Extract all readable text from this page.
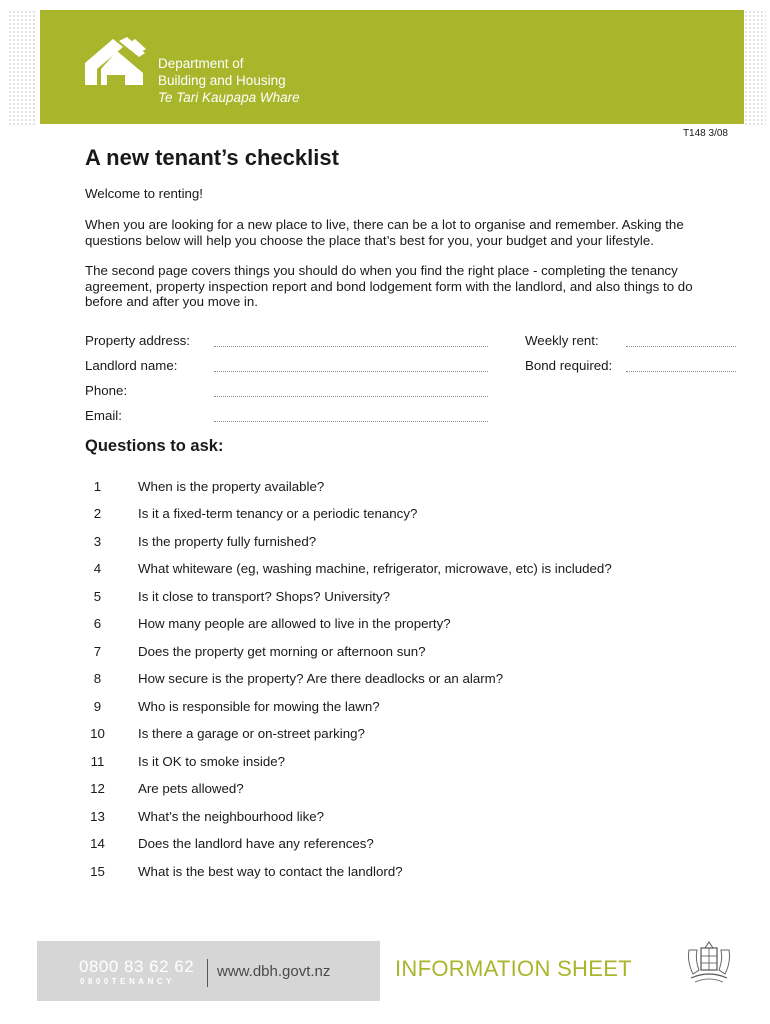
Department of
Building and Housing
Te Tari Kaupapa Whare
T148 3/08
A new tenant’s checklist

Welcome to renting!

When you are looking for a new place to live, there can be a lot to organise and remember. Asking the questions below will help you choose the place that’s best for you, your budget and your lifestyle.

The second page covers things you should do when you find the right place - completing the tenancy agreement, property inspection report and bond lodgement form with the landlord, and also things to do before and after you move in.

Property address:	Weekly rent:
Landlord name:	Bond required:
Phone:
Email:
Questions to ask:
1	When is the property available?
2	Is it a fixed-term tenancy or a periodic tenancy?
3	Is the property fully furnished?
4	What whiteware (eg, washing machine, refrigerator, microwave, etc) is included?
5	Is it close to transport? Shops? University?
6	How many people are allowed to live in the property?
7	Does the property get morning or afternoon sun?
8	How secure is the property? Are there deadlocks or an alarm?
9	Who is responsible for mowing the lawn?
10	Is there a garage or on-street parking?
11	Is it OK to smoke inside?
12	Are pets allowed?
13	What’s the neighbourhood like?
14	Does the landlord have any references?
15	What is the best way to contact the landlord?
0800 83 62 62
0800TENANCY
www.dbh.govt.nz	INFORMATION SHEET
